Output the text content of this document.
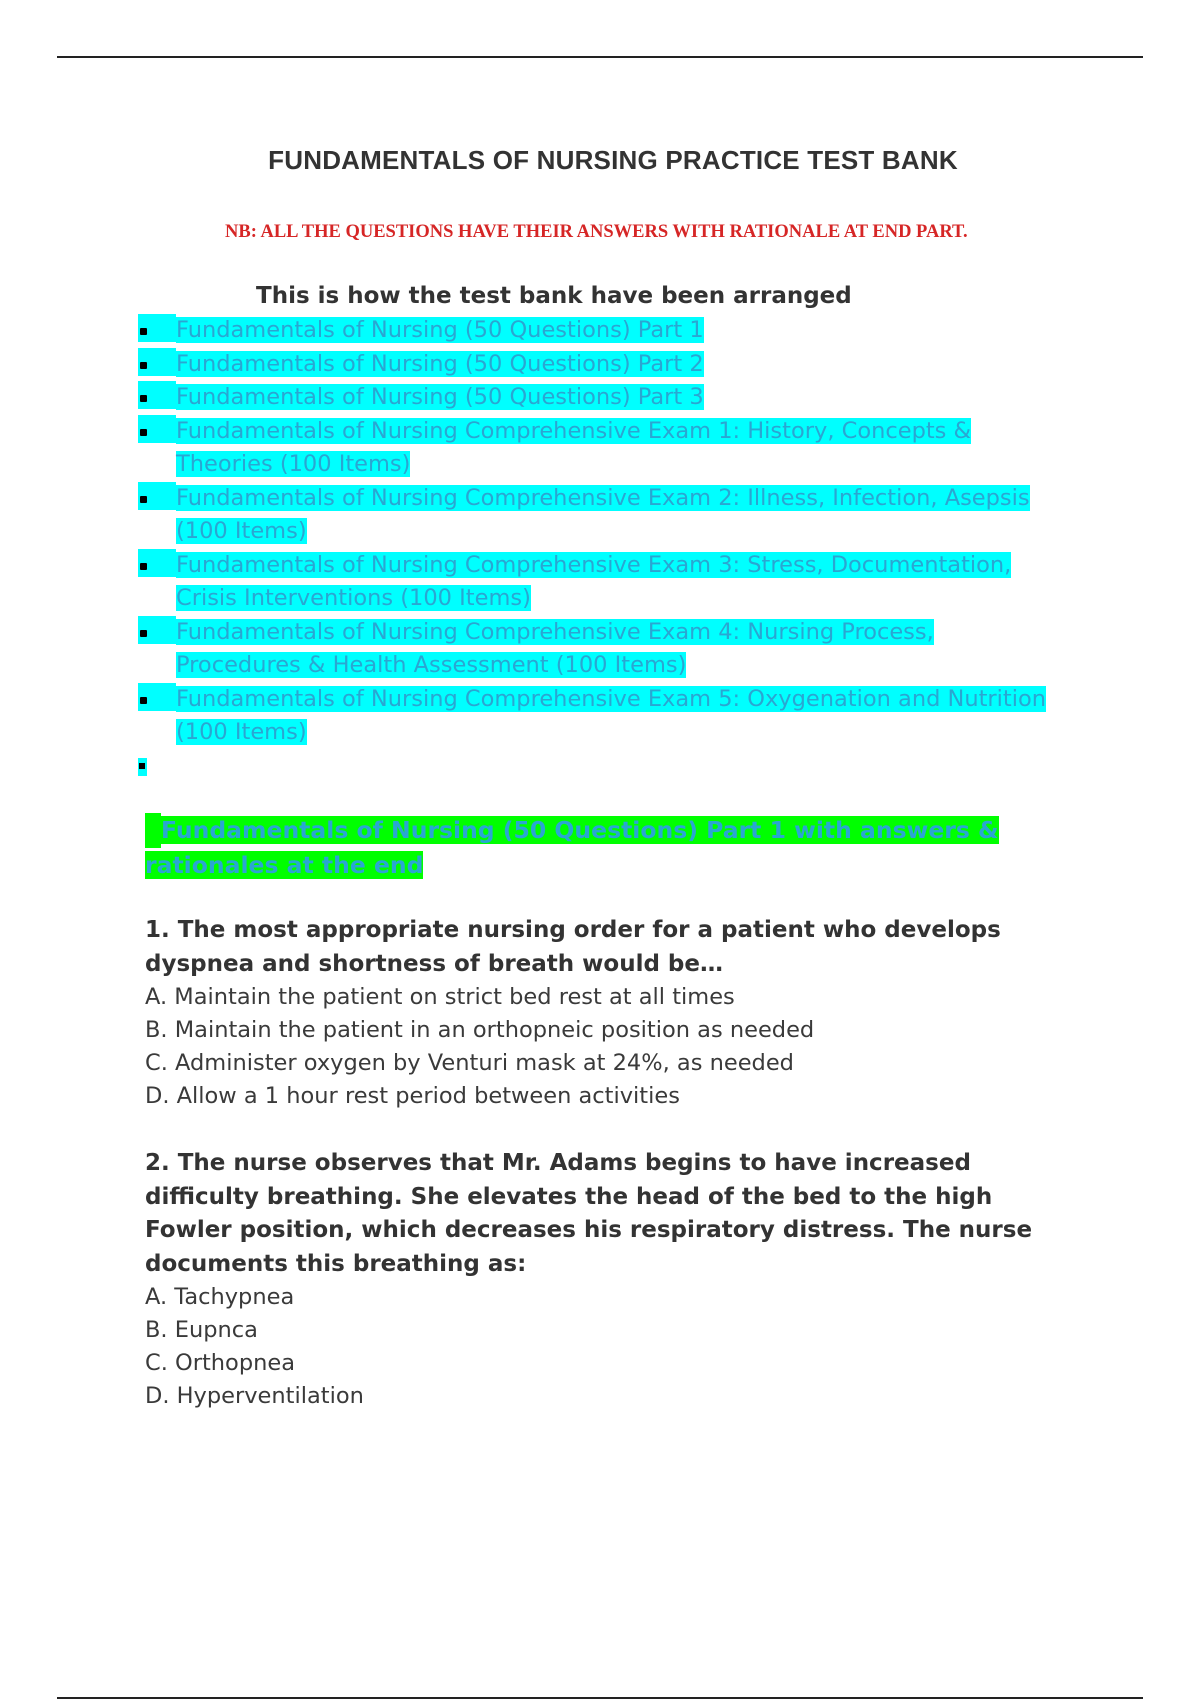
FUNDAMENTALS OF NURSING PRACTICE TEST BANK
NB: ALL THE QUESTIONS HAVE THEIR ANSWERS WITH RATIONALE AT END PART.
This is how the test bank have been arranged
Fundamentals of Nursing (50 Questions) Part 1
Fundamentals of Nursing (50 Questions) Part 2
Fundamentals of Nursing (50 Questions) Part 3
Fundamentals of Nursing Comprehensive Exam 1: History, Concepts &
Theories (100 Items)
Fundamentals of Nursing Comprehensive Exam 2: Illness, Infection, Asepsis
(100 Items)
Fundamentals of Nursing Comprehensive Exam 3: Stress, Documentation,
Crisis Interventions (100 Items)
Fundamentals of Nursing Comprehensive Exam 4: Nursing Process,
Procedures & Health Assessment (100 Items)
Fundamentals of Nursing Comprehensive Exam 5: Oxygenation and Nutrition
(100 Items)
Fundamentals of Nursing (50 Questions) Part 1 with answers &
rationales at the end

1. The most appropriate nursing order for a patient who develops dyspnea and shortness of breath would be…

A. Maintain the patient on strict bed rest at all times
B. Maintain the patient in an orthopneic position as needed
C. Administer oxygen by Venturi mask at 24%, as needed
D. Allow a 1 hour rest period between activities

2. The nurse observes that Mr. Adams begins to have increased difficulty breathing. She elevates the head of the bed to the high Fowler position, which decreases his respiratory distress. The nurse documents this breathing as:

A. Tachypnea
B. Eupnca
C. Orthopnea
D. Hyperventilation
